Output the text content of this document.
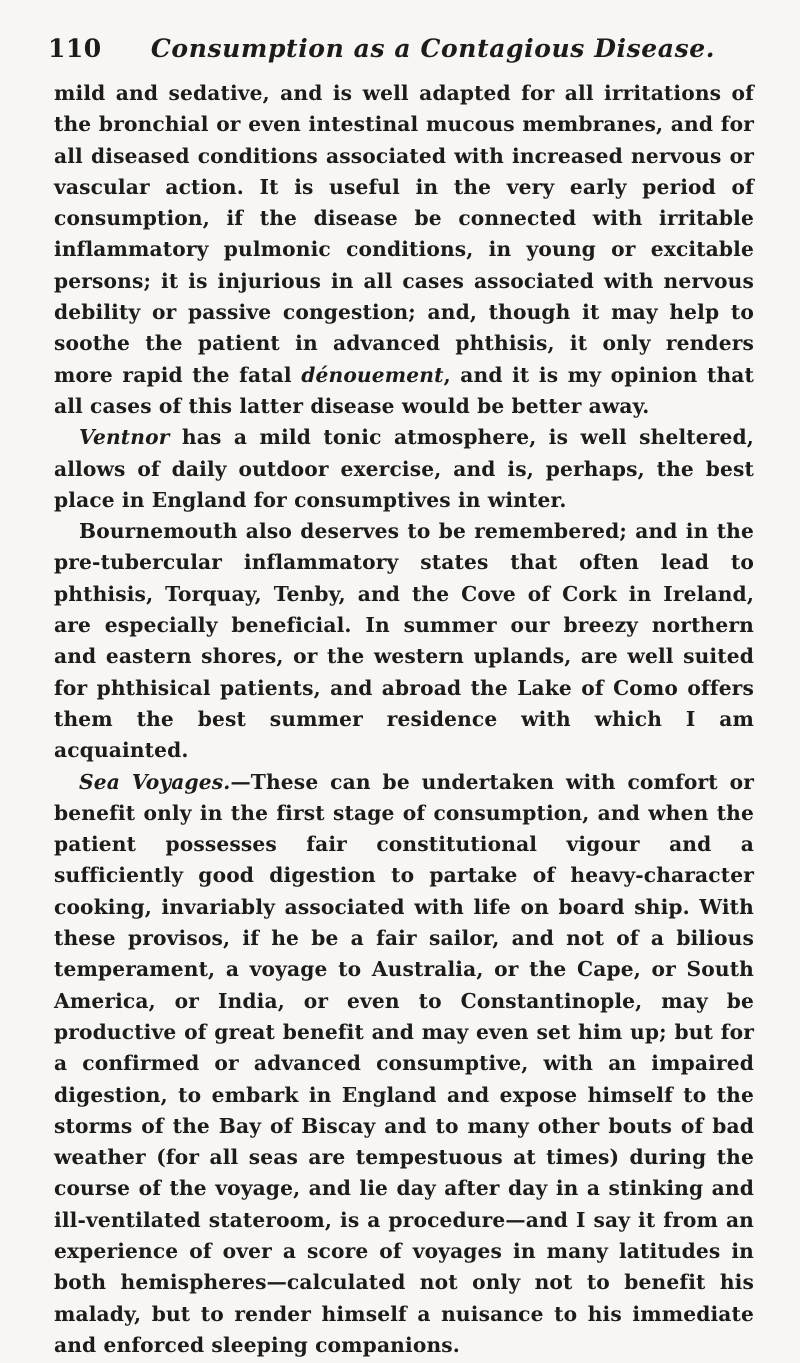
110	Consumption as a Contagious Disease.

mild and sedative, and is well adapted for all irritations of the bronchial or even intestinal mucous membranes, and for all diseased conditions associated with increased nervous or vascular action. It is useful in the very early period of consumption, if the disease be connected with irritable inflammatory pulmonic conditions, in young or excitable persons; it is injurious in all cases associated with nervous debility or passive congestion; and, though it may help to soothe the patient in advanced phthisis, it only renders more rapid the fatal dénouement, and it is my opinion that all cases of this latter disease would be better away.

Ventnor has a mild tonic atmosphere, is well sheltered, allows of daily outdoor exercise, and is, perhaps, the best place in England for consumptives in winter.

Bournemouth also deserves to be remembered; and in the pre-tubercular inflammatory states that often lead to phthisis, Torquay, Tenby, and the Cove of Cork in Ireland, are especially beneficial. In summer our breezy northern and eastern shores, or the western uplands, are well suited for phthisical patients, and abroad the Lake of Como offers them the best summer residence with which I am acquainted.

Sea Voyages.—These can be undertaken with comfort or benefit only in the first stage of consumption, and when the patient possesses fair constitutional vigour and a sufficiently good digestion to partake of heavy-character cooking, invariably associated with life on board ship. With these provisos, if he be a fair sailor, and not of a bilious temperament, a voyage to Australia, or the Cape, or South America, or India, or even to Constantinople, may be productive of great benefit and may even set him up; but for a confirmed or advanced consumptive, with an impaired digestion, to embark in England and expose himself to the storms of the Bay of Biscay and to many other bouts of bad weather (for all seas are tempestuous at times) during the course of the voyage, and lie day after day in a stinking and ill-ventilated stateroom, is a procedure—and I say it from an experience of over a score of voyages in many latitudes in both hemispheres—calculated not only not to benefit his malady, but to render himself a nuisance to his immediate and enforced sleeping companions.
